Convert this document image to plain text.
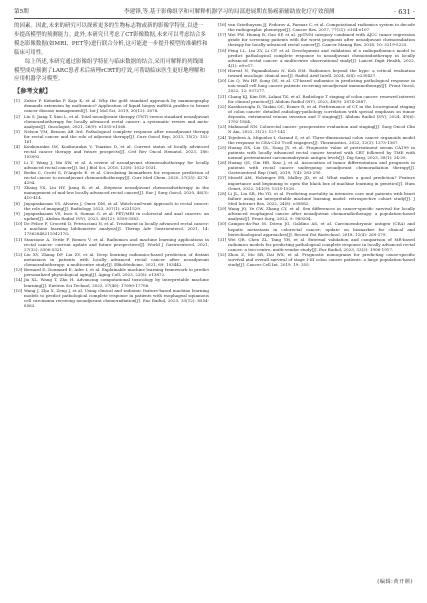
第5期	李建锋,等.基于影像组学和可解释机器学习的局部进展期直肠癌新辅助放化疗疗效预测	· 631 ·

的因素。因此,未来的研究可以探索更多的生物标志物或新的影像学特征,以进一步提高模型的预测能力。此外,本研究只考虑了CT影像数据,未来可以考虑结合多模态影像数据(如MRI、PET等)进行联合分析,这可能进一步提升模型的准确性和临床可用性。

综上所述,本研究通过影像组学特征与临床数据的结合,采用可解释的列线图模型成功预测了LARC患者术后病理rCRT的疗效,可帮助临床医生更好地理解和应用机器学习模型。

【参考文献】
[1]	Zubor P, Kubatka P, Kajo K, et al. Why the gold standard approach by mammography demands extension by multiomics? Application of liquid biopsy miRNA profiles to breast cancer disease management[J]. Int J Mol Sci, 2019, 20(12): 2878.
[2]	Liu S, Jiang T, Xiao L, et al. Total neoadjuvant therapy (TNT) versus standard neoadjuvant chemoradiotherapy for locally advanced rectal cancer: a systematic review and meta-analysis[J]. Oncologist, 2021, 26(9): e1555-e1566.
[3]	Nelson VM, Benson AB 3rd. Pathological complete response after neoadjuvant therapy for rectal cancer and the role of adjuvant therapy[J]. Curr Oncol Rep, 2013, 15(2): 152-161.
[4]	Koukourakis IM, Koukourakis V, Tsiaxios D, et al. Current status of locally advanced rectal cancer therapy and future prospects[J]. Crit Rev Oncol Hematol, 2023, 186: 103992.
[5]	Li Y, Wang J, Ma XW, et al. A review of neoadjuvant chemoradiotherapy for locally advanced rectal cancer[J]. Int J Biol Sci, 2016, 12(8): 1022-1031.
[6]	Bedin C, Crotti S, D'Angelo E, et al. Circulating biomarkers for response prediction of rectal cancer to neoadjuvant chemoradiotherapy[J]. Curr Med Chem, 2020, 27(25): 4274-4294.
[7]	Zhang YX, Liu HY, Jiang B, et al. Stepwise neoadjuvant chemoradiotherapy in the management of mid-low locally advanced rectal cancer[J]. Eur J Surg Oncol, 2020, 46(3): 410-414.
[8]	Jayaprakasam VS, Alvarez J, Omer DM, et al. Watch-and-wait approach to rectal cancer: the role of imaging[J]. Radiology, 2023, 307(1): e221529.
[9]	Jayaprakasam VS, Ince S, Suman G, et al. PET/MRI in colorectal and anal cancers: an update[J]. Abdom Radiol (NY), 2023, 48(12): 3558-3583.
[10] De Felice F, Crocetti D, Petrucciani N, et al. Treatment in locally advanced rectal cancer: a machine learning bibliometric analysis[J]. Therap Adv Gastroenterol, 2021, 14: 1756284821104217O.
[11] Stanzione A, Verde F, Romeo V, et al. Radiomics and machine learning applications in rectal cancer: current update and future perspectives[J]. World J Gastroenterol, 2021, 27(32): 5306-5321.
[12] Liu XY, Zhang DF, Liu ZY, et al. Deep learning radiomics-based prediction of distant metastasis in patients with locally advanced rectal cancer after neoadjuvant chemoradiotherapy: a multicentre study[J]. EBioMedicine, 2021, 69: 103442.
[13] Bernard D, Doumard E, Ader I, et al. Explainable machine learning framework to predict personalized physiological aging[J]. Aging Cell, 2023, 22(8): e13872.
[14] Jia XL, Wang T, Zhu H. Advancing computational toxicology by interpretable machine learning[J]. Environ Sci Technol, 2023, 57(46): 17690-17706.
[15] Wang J, Zhu X, Zeng J, et al. Using clinical and radiomic feature-based machine learning models to predict pathological complete response in patients with esophageal squamous cell carcinoma receiving neoadjuvant chemoradiation[J]. Eur Radiol, 2023, 33(12): 8554-8563.
[16] van Griethuysen JJ, Fedorov A, Parmar C, et al. Computational radiomics system to decode the radiographic phenotype[J]. Cancer Res, 2017, 77(21): e104-e107.
[17] Wei FW, Huang R, Gao SP, et al. ypTNM category combined with AJCC tumor regression grade for screening patients with the worst prognosis after neoadjuvant chemoradiation therapy for locally advanced rectal cancer[J]. Cancer Manag Res, 2018, 10: 5219-5225.
[18] Feng LL, Liu ZY, Li CF, et al. Development and validation of a radiopathomics model to predict pathological complete response to neoadjuvant chemoradiotherapy in locally advanced rectal cancer: a multicentre observational study[J]. Lancet Digit Health, 2022, 4(1): e8-e17.
[19] Horvat N, Papanikolaou N, Koh DM. Radiomics beyond the hype: a critical evaluation toward oncologic clinical use[J]. Radiol Artif Intell, 2024, 6(4): e230437.
[20] Liu Q, Wu HF, Song QS, et al. CT-based radiomics in predicting pathological response in non-small cell lung cancer patients receiving neoadjuvant immunotherapy[J]. Front Oncol, 2022, 12: 937277.
[21] Chang KJ, Kim DH, Lalani TK, et al. Radiologic T staging of colon cancer: renewed interest for clinical practice[J]. Abdom Radiol (NY), 2023, 48(9): 2874-2887.
[22] Karahacioglu D, Taskin OC, Esmer R, et al. Performance of CT in the locoregional staging of colon cancer: detailed radiology-pathology correlation with special emphasis on tumor deposits, extramural venous invasion and T staging[J]. Abdom Radiol (NY), 2024, 49(6): 1792-1804.
[23] Mahmoud NN. Colorectal cancer: preoperative evaluation and staging[J]. Surg Oncol Clin N Am, 2022, 31(2): 127-141.
[24] Tejedera A, Miguelez I, Garaud S, et al. Three-dimensional colon cancer organoids model the response to CEA-CD3 T-cell engagers[J]. Theranostics, 2022, 12(3): 1373-1387.
[25] Huang DX, Liu QL, Song JY, et al. Prognostic value of pretreatment serum CA199 in patients with locally advanced rectal cancer treated with CRT followed by TME with normal pretreatment carcinoembryonic antigen levels[J]. Dig Surg, 2023, 38(1): 24-29.
[26] Huang QS, Gin HB, Xiao J, et al. Association of tumor differentiation and prognosis in patients with rectal cancer undergoing neoadjuvant chemoradiation therapy[J]. Gastroenterol Rep (Oxf), 2019, 7(4): 283-290.
[27] Musolf AM, Holzinger ER, Malley JD, et al. What makes a good prediction? Feature importance and beginning to open the black box of machine learning in genetics[J]. Hum Genet, 2022, 141(9): 1515-1528.
[28] Li JL, Liu SR, Hu YD, et al. Predicting mortality in intensive care unit patients with heart failure using an interpretable machine learning model: retrospective cohort study[J]. J Med Internet Res, 2022, 24(8): e38082.
[29] Wang JQ, Ye CW, Zhang CY, et al. Sex differences in cancer-specific survival for locally advanced esophageal cancer after neoadjuvant chemoradiotherapy: a population-based analysis[J]. Front Surg, 2022, 9: 989204.
[30] Campos-da-Paz M, Dórea JG, Galdino AS, et al. Carcinoembryonic antigen (CEA) and hepatic metastasis in colorectal cancer: update on biomarker for clinical and biotechnological approaches[J]. Recent Pat Biotechnol, 2018, 12(4): 269-279.
[31] Wei QR, Chen ZL, Tang YH, et al. External validation and comparison of MR-based radiomics models for predicting pathological complete response in locally advanced rectal cancer: a two-centre, multi-vendor study[J]. Eur Radiol, 2023, 33(3): 1906-1917.
[32] Zhou Z, Mo SB, Dai WX, et al. Prognostic nomograms for predicting cause-specific survival and overall survival of stage I-III colon cancer patients: a large population-based study[J]. Cancer Cell Int, 2019, 19: 355.
(编辑:黄开颜)
